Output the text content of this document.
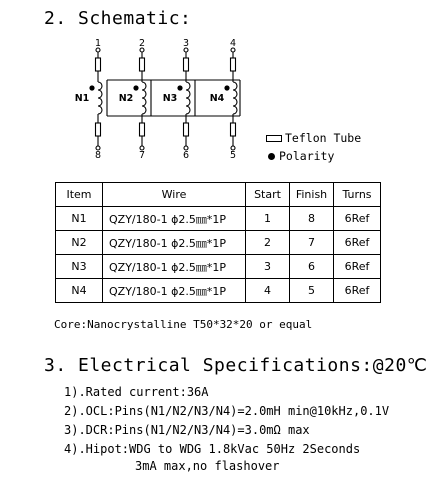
2. Schematic:
1
8
N1
2
7
N2
3
6
N3
4
5
N4
Teflon Tube
Polarity
Item	Wire	Start	Finish	Turns
N1	QZY/180-1 ϕ2.5㎜*1P	1	8	6Ref
N2	QZY/180-1 ϕ2.5㎜*1P	2	7	6Ref
N3	QZY/180-1 ϕ2.5㎜*1P	3	6	6Ref
N4	QZY/180-1 ϕ2.5㎜*1P	4	5	6Ref
Core:Nanocrystalline T50*32*20 or equal
3. Electrical Specifications:@20℃
1).Rated current:36A
2).OCL:Pins(N1/N2/N3/N4)=2.0mH min@10kHz,0.1V
3).DCR:Pins(N1/N2/N3/N4)=3.0mΩ max
4).Hipot:WDG to WDG 1.8kVac 50Hz 2Seconds
3mA max,no flashover
